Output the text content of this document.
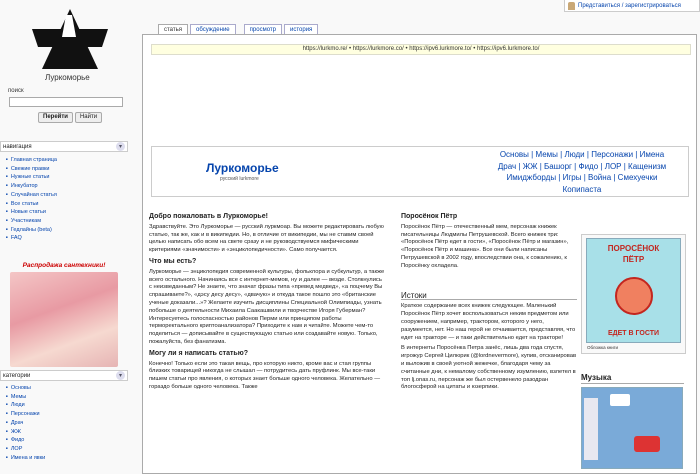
Представиться / зарегистрироваться
Луркоморье
поиск
Перейти	Найти
навигация	▾
■ Главная страница
■ Свежие правки
■ Нужные статьи
■ Инкубатор
■ Случайная статья
■ Все статьи
■ Новые статьи
■ Участникам
■ Гедлайны (beta)
■ FAQ
Распродажа сантехники!
категории	▾
■ Основы
■ Мемы
■ Люди
■ Персонажи
■ Драч
■ ЖЖ
■ Фидо
■ ЛОР
■ Имена и явки
статья	обсуждение	просмотр	история
https://lurkmo.re/ • https://lurkmore.co/ • https://ipv6.lurkmore.to/ • https://ipv6.lurkmore.to/
Луркоморье
русский lurkmore
Основы | Мемы | Люди | Персонажи | Имена
Драч | ЖЖ | Башорг | Фидо | ЛОР | Кащенизм
Имиджборды | Игры | Война | Смехуечки
Копипаста
Добро пожаловать в Луркоморье!

Здравствуйте. Это Луркоморье — русский луркмоар. Вы можете редактировать любую статью, так же, как и в википедии. Но, в отличие от википедии, мы не ставим своей целью написать обо всем на свете сразу и не руководствуемся мифическими критериями «значимости» и «энциклопедичности». Само получается.

Что мы есть?

Луркоморье — энциклопедия современной культуры, фольклора и субкультур, а также всего остального. Начинаясь все с интернет-мемов, ну и далее — везде. Столкнулись с неизведанным? Не знаете, что значат фразы типа «превед медвед», «а поцчему Вы спрашиваете?», «дэсу десу десу», «двачую» и откуда такое пошло это «британские ученые доказали...»? Желаете изучить дисциплины Специальной Олимпиады, узнать побольше о деятельности Михаила Саакашвили и творчестве Игоря Губерман? Интересуетесь голоспасностью районов Перми или принципом работы терморектального криптоанализатора? Приходите к нам и читайте. Можете чем-то поделиться — дописывайте в существующую статью или создавайте новую. Только, пожалуйста, без фанатизма.

Могу ли я написать статью?

Конечно! Только если это такая вещь, про которую никто, кроме вас и стая группы близких товарищей никогда не слышал — потрудитесь дать пруфлинк. Мы все-таки пишем статьи про явления, о которых знает больше одного человека. Желательно — гораздо больше одного человека. Также

Поросёнок Пётр

Поросёнок Пётр — отечественный мем, персонаж книжек писательницы Людмилы Петрушевской. Всего книжек три: «Поросёнок Пётр едет в гости», «Поросёнок Пётр и магазин», «Поросёнок Пётр и машина». Все они были написаны Петрушевской в 2002 году, впоследствии она, к сожалению, к Поросёнку охладела.

Истоки

Краткое содержание всех книжек следующее. Маленький Поросёнок Пётр хочет воспользоваться неким предметом или сооружением, например, трактором, которого у него, разумеется, нет. Но наш герой не отчаивается, представляя, что едет на тракторе — и таки действительно едет на тракторе!

В интернеты Поросёнка Петра занёс, лишь два года спустя, игрожур Сергей Цилюрик (@lordnevermore), купив, отсканировав и выложив в своей уютной жежечке, благодаря чему за считанные дни, к немалому собственному изумлению, взлетел в топ lj.onas.ru, персонаж же был остервенело разодран блогосферой на цитаты и юзерпики.

ПОРОСЁНОК
ПЁТР
ЕДЕТ В ГОСТИ
Обложка книги
Музыка
